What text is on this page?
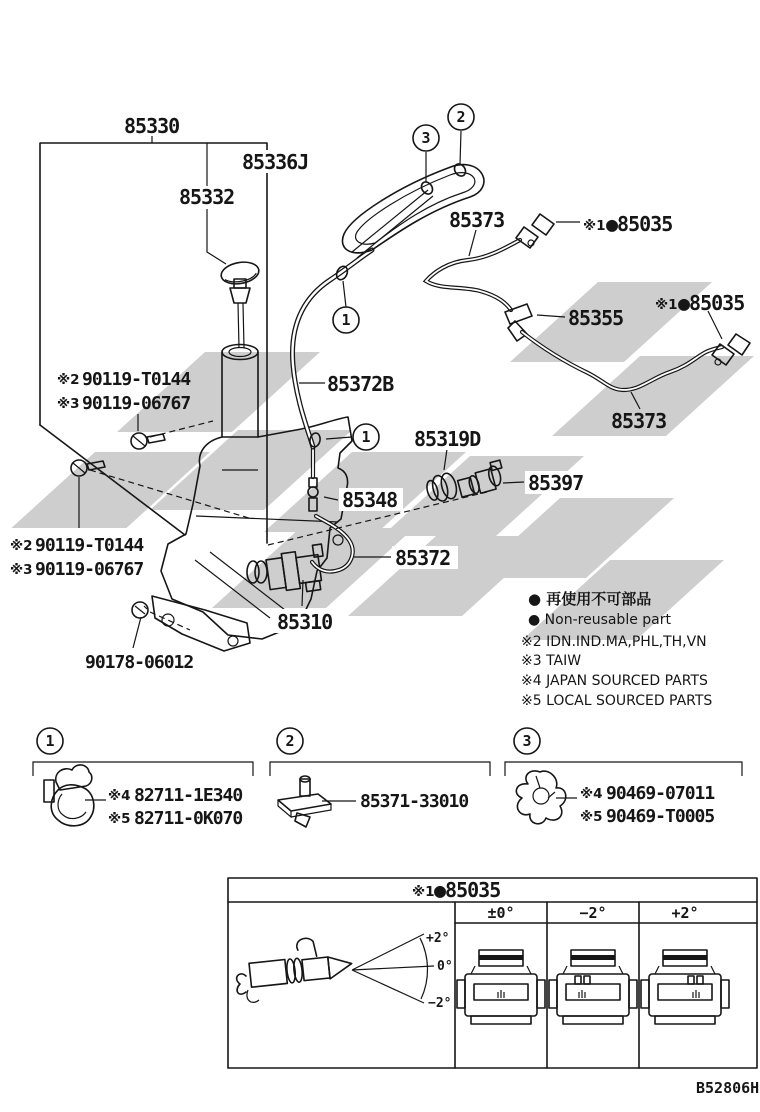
3
2
1
1
85330
85336J
85332
※2 90119-T0144
※3 90119-06767
※2 90119-T0144
※3 90119-06767
90178-06012
85372B
85373	※1 ●85035
85355
※1 ●85035
85373
85319D
85397
85348
85372
85310
● 再使用不可部品
● Non-reusable part
※2 IDN.IND.MA,PHL,TH,VN
※3 TAIW
※4 JAPAN SOURCED PARTS
※5 LOCAL SOURCED PARTS
1
※4 82711-1E340
※5 82711-0K070
2
85371-33010
3
※4 90469-07011
※5 90469-T0005
※1 ●85035
±0°	−2°	+2°
+2°
0°
−2°
B52806H
